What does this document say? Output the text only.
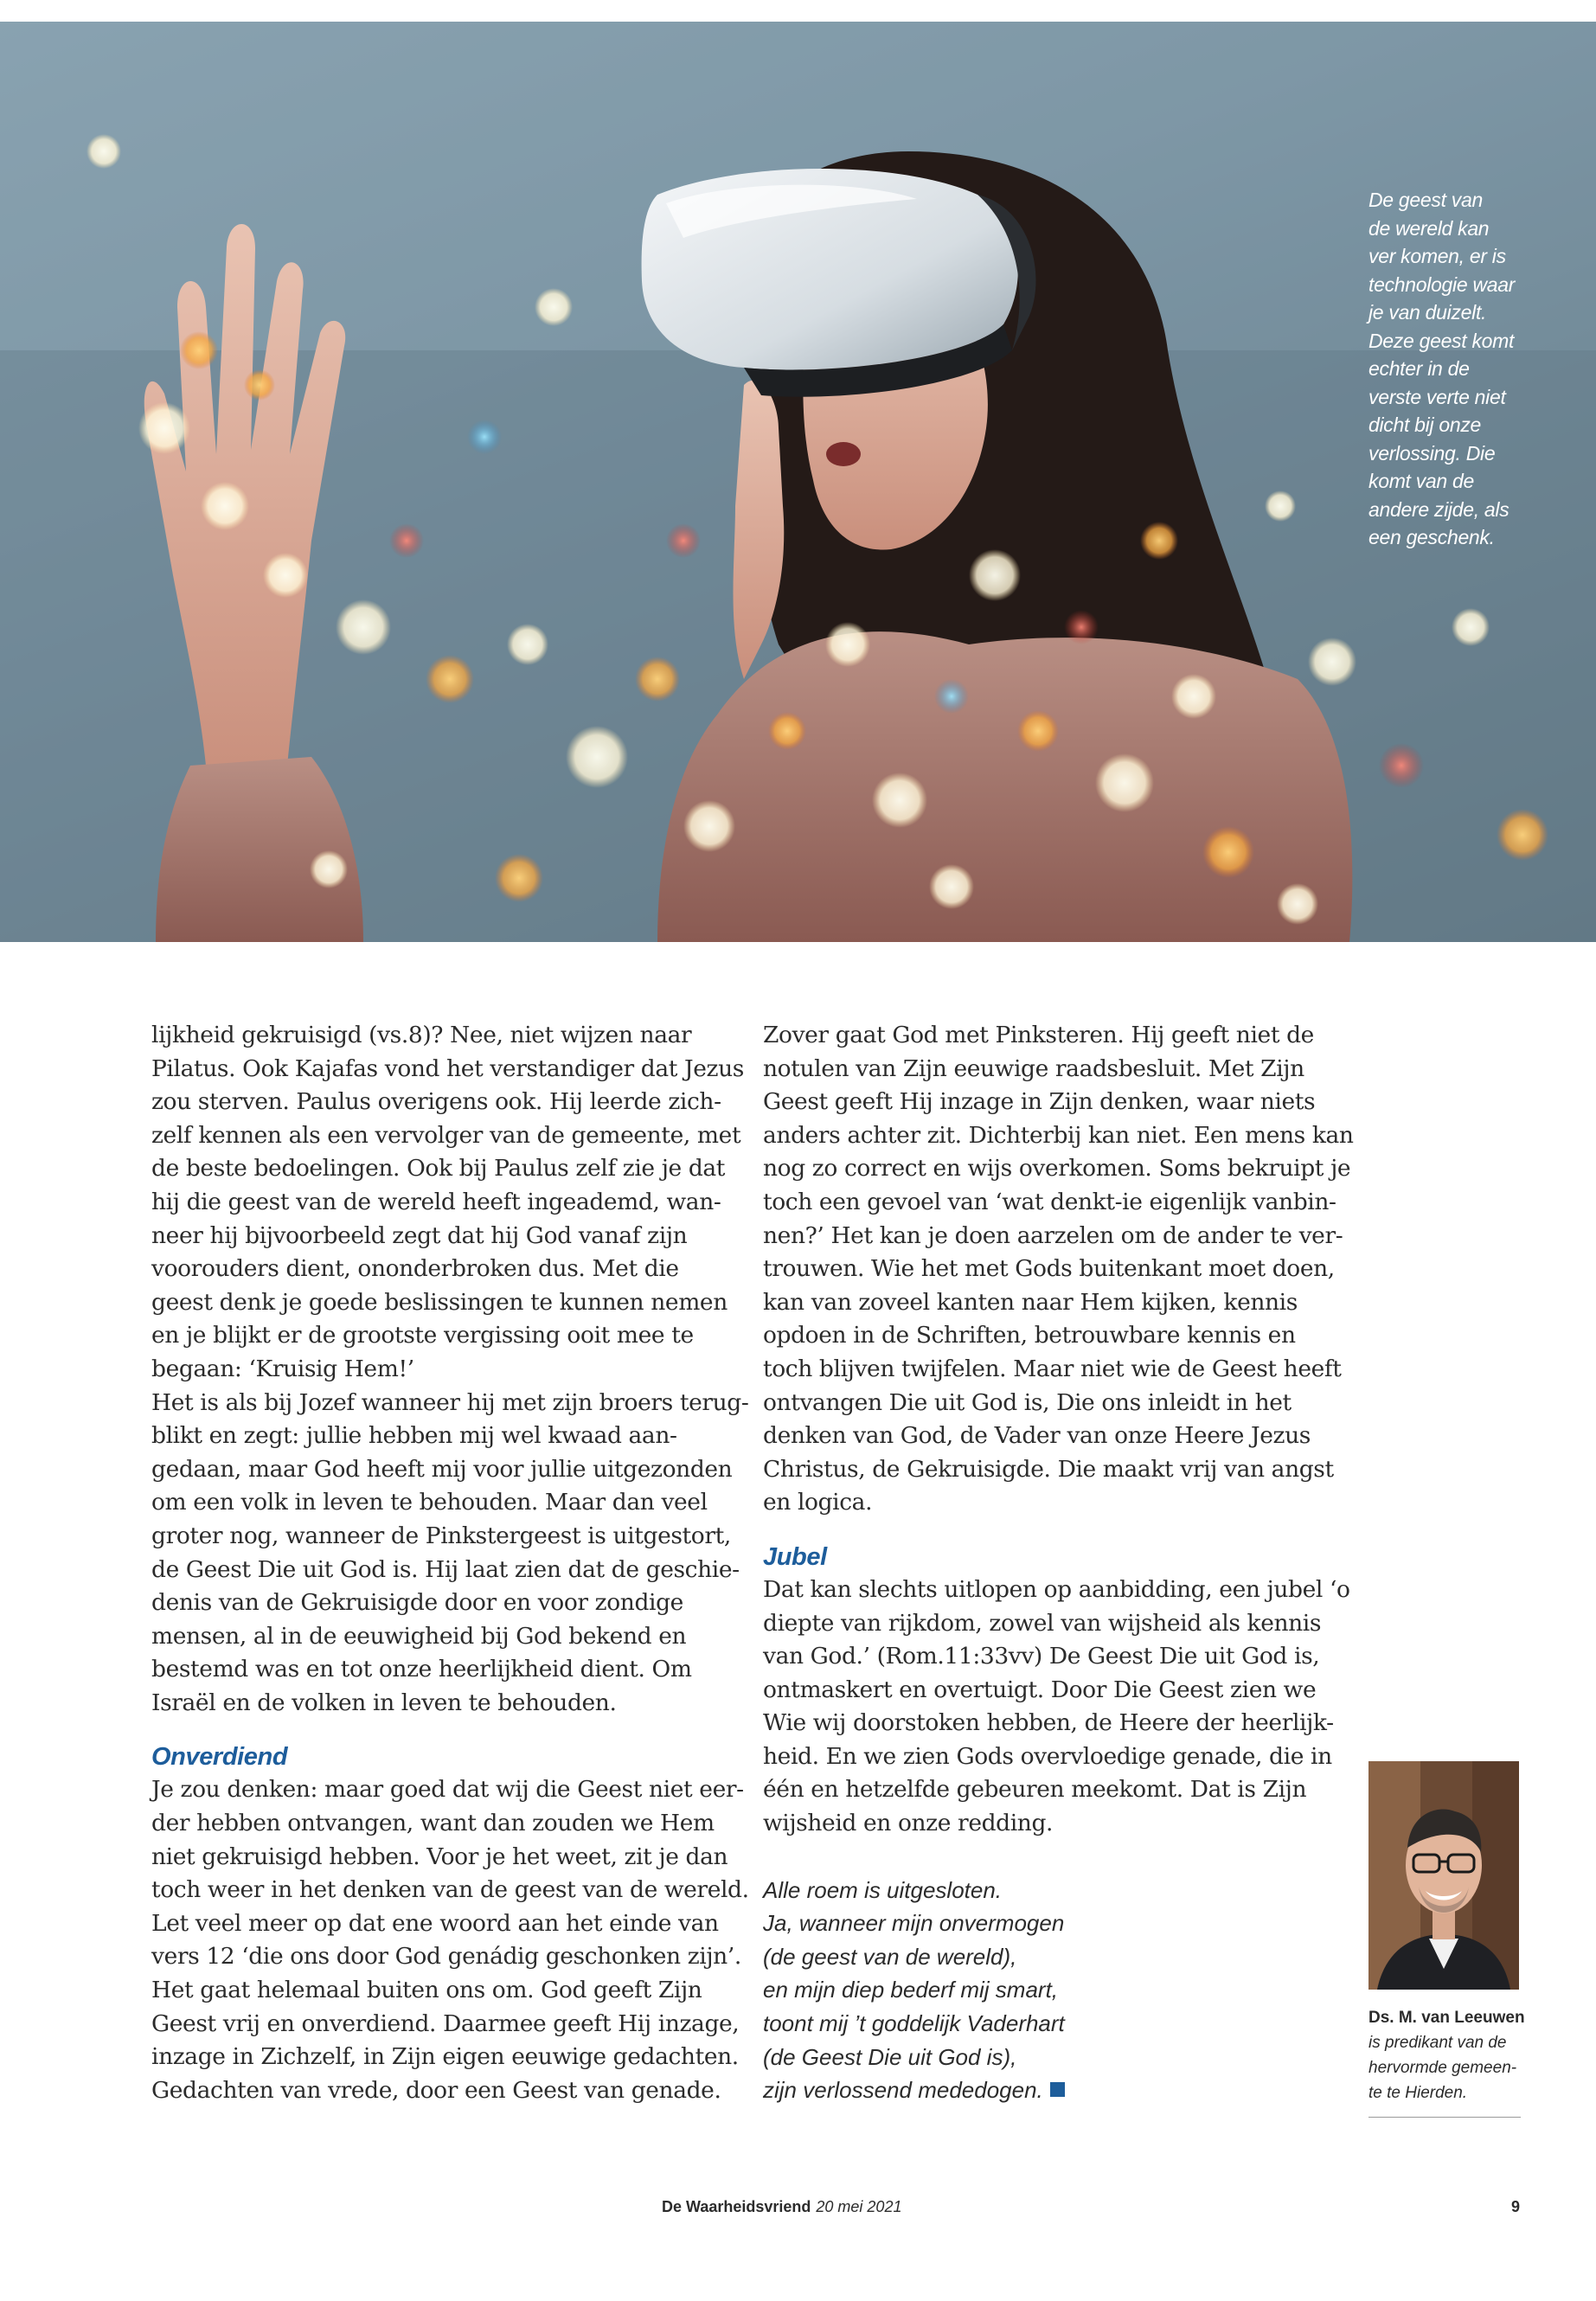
De geest van
de wereld kan
ver komen, er is
technologie waar
je van duizelt.
Deze geest komt
echter in de
verste verte niet
dicht bij onze
verlossing. Die
komt van de
andere zijde, als
een geschenk.

lijkheid gekruisigd (vs.8)? Nee, niet wijzen naar

Pilatus. Ook Kajafas vond het verstandiger dat Jezus

zou sterven. Paulus overigens ook. Hij leerde zich-

zelf kennen als een vervolger van de gemeente, met

de beste bedoelingen. Ook bij Paulus zelf zie je dat

hij die geest van de wereld heeft ingeademd, wan-

neer hij bijvoorbeeld zegt dat hij God vanaf zijn

voorouders dient, ononderbroken dus. Met die

geest denk je goede beslissingen te kunnen nemen

en je blijkt er de grootste vergissing ooit mee te

begaan: ‘Kruisig Hem!’

Het is als bij Jozef wanneer hij met zijn broers terug-

blikt en zegt: jullie hebben mij wel kwaad aan-

gedaan, maar God heeft mij voor jullie uitgezonden

om een volk in leven te behouden. Maar dan veel

groter nog, wanneer de Pinkstergeest is uitgestort,

de Geest Die uit God is. Hij laat zien dat de geschie-

denis van de Gekruisigde door en voor zondige

mensen, al in de eeuwigheid bij God bekend en

bestemd was en tot onze heerlijkheid dient. Om

Israël en de volken in leven te behouden.

Onverdiend

Je zou denken: maar goed dat wij die Geest niet eer-

der hebben ontvangen, want dan zouden we Hem

niet gekruisigd hebben. Voor je het weet, zit je dan

toch weer in het denken van de geest van de wereld.

Let veel meer op dat ene woord aan het einde van

vers 12 ‘die ons door God genádig geschonken zijn’.

Het gaat helemaal buiten ons om. God geeft Zijn

Geest vrij en onverdiend. Daarmee geeft Hij inzage,

inzage in Zichzelf, in Zijn eigen eeuwige gedachten.

Gedachten van vrede, door een Geest van genade.

Zover gaat God met Pinksteren. Hij geeft niet de

notulen van Zijn eeuwige raadsbesluit. Met Zijn

Geest geeft Hij inzage in Zijn denken, waar niets

anders achter zit. Dichterbij kan niet. Een mens kan

nog zo correct en wijs overkomen. Soms bekruipt je

toch een gevoel van ‘wat denkt-ie eigenlijk vanbin-

nen?’ Het kan je doen aarzelen om de ander te ver-

trouwen. Wie het met Gods buitenkant moet doen,

kan van zoveel kanten naar Hem kijken, kennis

opdoen in de Schriften, betrouwbare kennis en

toch blijven twijfelen. Maar niet wie de Geest heeft

ontvangen Die uit God is, Die ons inleidt in het

denken van God, de Vader van onze Heere Jezus

Christus, de Gekruisigde. Die maakt vrij van angst

en logica.

Jubel

Dat kan slechts uitlopen op aanbidding, een jubel ‘o

diepte van rijkdom, zowel van wijsheid als kennis

van God.’ (Rom.11:33vv) De Geest Die uit God is,

ontmaskert en overtuigt. Door Die Geest zien we

Wie wij doorstoken hebben, de Heere der heerlijk-

heid. En we zien Gods overvloedige genade, die in

één en hetzelfde gebeuren meekomt. Dat is Zijn

wijsheid en onze redding.

Alle roem is uitgesloten.

Ja, wanneer mijn onvermogen

(de geest van de wereld),

en mijn diep bederf mij smart,

toont mij ’t goddelijk Vaderhart

(de Geest Die uit God is),

zijn verlossend mededogen.

Ds. M. van Leeuwen
is predikant van de
hervormde gemeen-
te te Hierden.
De Waarheidsvriend 20 mei 2021	9
